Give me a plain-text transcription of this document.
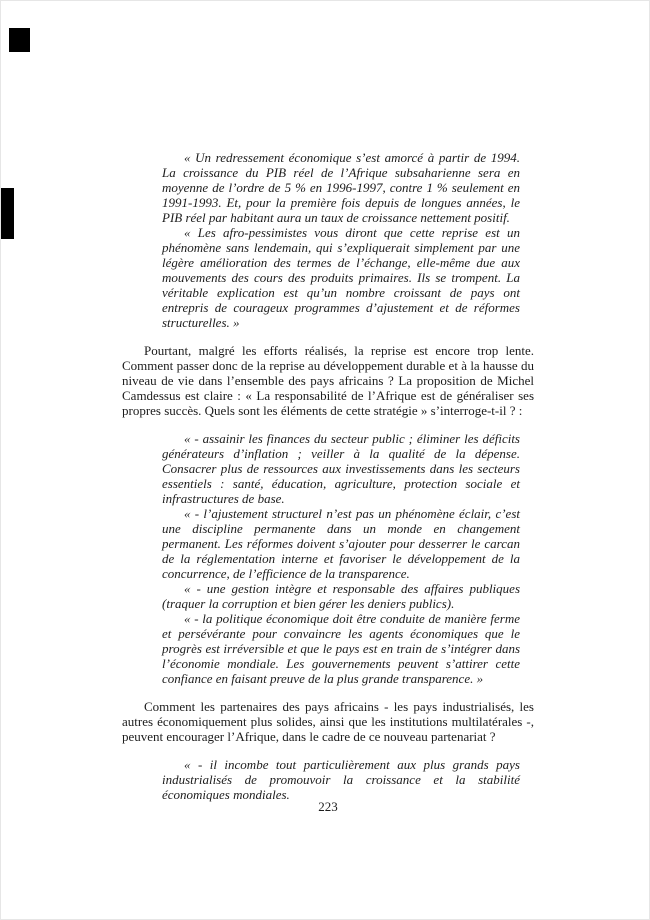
« Un redressement économique s’est amorcé à partir de 1994. La croissance du PIB réel de l’Afrique subsaharienne sera en moyenne de l’ordre de 5 % en 1996-1997, contre 1 % seulement en 1991-1993. Et, pour la première fois depuis de longues années, le PIB réel par habitant aura un taux de croissance nettement positif.

« Les afro-pessimistes vous diront que cette reprise est un phénomène sans lendemain, qui s’expliquerait simplement par une légère amélioration des termes de l’échange, elle-même due aux mouvements des cours des produits primaires. Ils se trompent. La véritable explication est qu’un nombre croissant de pays ont entrepris de courageux programmes d’ajustement et de réformes structurelles. »

Pourtant, malgré les efforts réalisés, la reprise est encore trop lente. Comment passer donc de la reprise au développement durable et à la hausse du niveau de vie dans l’ensemble des pays africains ? La proposition de Michel Camdessus est claire : « La responsabilité de l’Afrique est de généraliser ses propres succès. Quels sont les éléments de cette stratégie » s’interroge-t-il ? :

« - assainir les finances du secteur public ; éliminer les déficits générateurs d’inflation ; veiller à la qualité de la dépense. Consacrer plus de ressources aux investissements dans les secteurs essentiels : santé, éducation, agriculture, protection sociale et infrastructures de base.

« - l’ajustement structurel n’est pas un phénomène éclair, c’est une discipline permanente dans un monde en changement permanent. Les réformes doivent s’ajouter pour desserrer le carcan de la réglementation interne et favoriser le développement de la concurrence, de l’efficience de la transparence.

« - une gestion intègre et responsable des affaires publiques (traquer la corruption et bien gérer les deniers publics).

« - la politique économique doit être conduite de manière ferme et persévérante pour convaincre les agents économiques que le progrès est irréversible et que le pays est en train de s’intégrer dans l’économie mondiale. Les gouvernements peuvent s’attirer cette confiance en faisant preuve de la plus grande transparence. »

Comment les partenaires des pays africains - les pays industrialisés, les autres économiquement plus solides, ainsi que les institutions multilatérales -, peuvent encourager l’Afrique, dans le cadre de ce nouveau partenariat ?

« - il incombe tout particulièrement aux plus grands pays industrialisés de promouvoir la croissance et la stabilité économiques mondiales.

223
